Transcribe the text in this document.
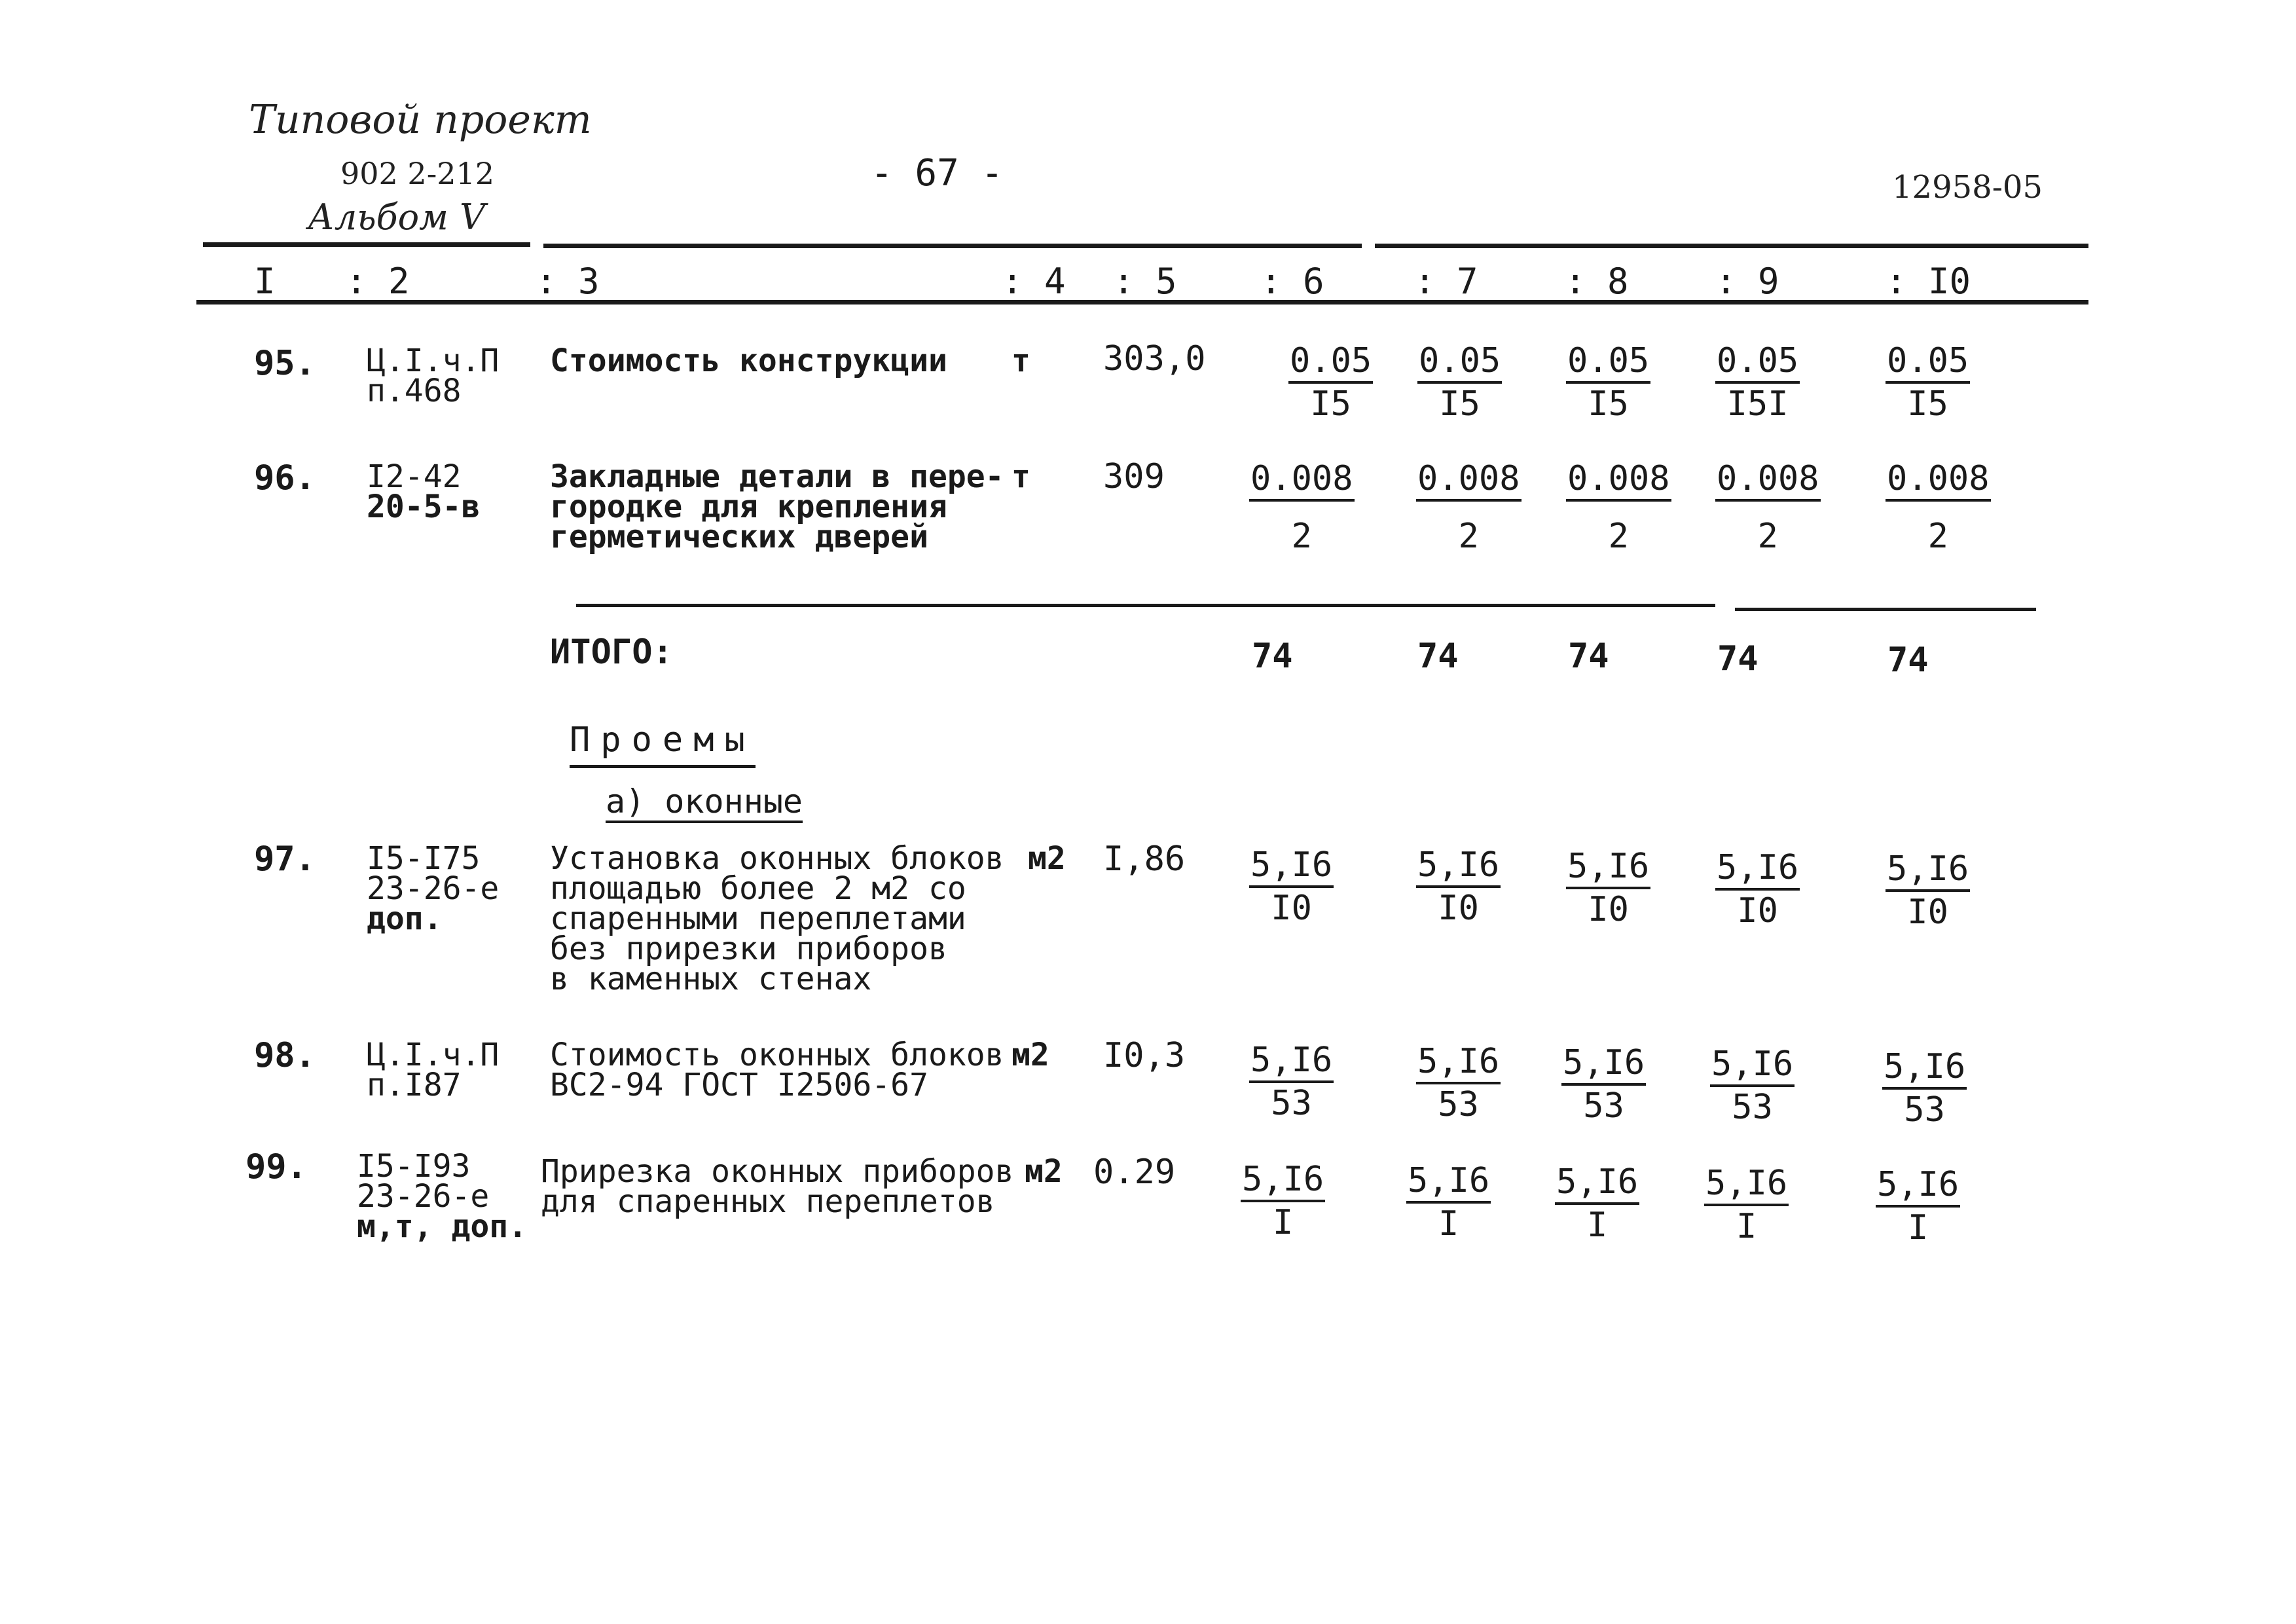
Типовой проект
902 2-212
Альбом V
12958-05
- 67 -
I : 2	: 3	: 4 : 5 : 6	: 7 : 8 : 9	: I0
95. Ц.I.ч.П
п.468
Стоимость конструкции т $303,0 \frac{0.05}{I5} \frac{0.05}{I5} \frac{0.05}{I5} \frac{0.05}{I5I}$	$\frac{0.05}{I5}$
96. I2-42
20-5-в
Закладные детали в пере-
городке для крепления
герметических дверей
т $309 \frac{0.008}{2} \frac{0.008}{2} \frac{0.008}{2} \frac{0.008}{2} \frac{0.008}{2}$
ИТОГО:	74	74	74	74	74
Проемы
а) оконные
97. I5-I75
23-26-е
доп.
Установка оконных блоков
площадью более 2 м2 со
спаренными переплетами
без прирезки приборов
в каменных стенах
м2 $I,86 \frac{5,I6}{I0} \frac{5,I6}{I0} \frac{5,I6}{I0} \frac{5,I6}{I0}$	$\frac{5,I6}{I0}$
98. Ц.I.ч.П
п.I87
Стоимость оконных блоков
ВС2-94 ГОСТ I2506-67
м2 $I0,3 \frac{5,I6}{53} \frac{5,I6}{53} \frac{5,I6}{53} \frac{5,I6}{53}$	$\frac{5,I6}{53}$
99. I5-I93
23-26-е
м,т, доп.
Прирезка оконных приборов
для спаренных переплетов
м2 $0.29 \frac{5,I6}{I} \frac{5,I6}{I} \frac{5,I6}{I} \frac{5,I6}{I}$	$\frac{5,I6}{I}$
